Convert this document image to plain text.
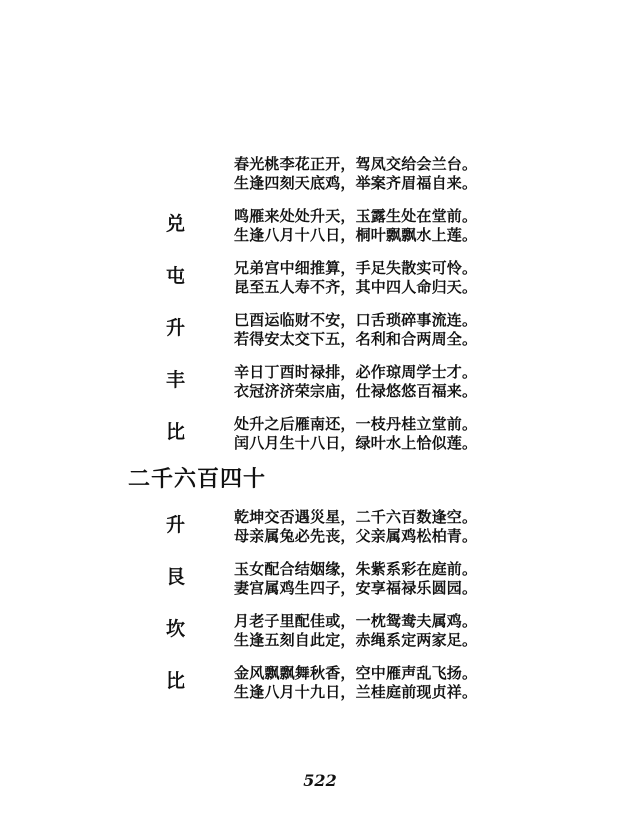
春光桃李花正开，驾凤交给会兰台。
生逢四刻天底鸡，举案齐眉福自来。
兑	鸣雁来处处升天，玉露生处在堂前。
生逢八月十八日，桐叶飘飘水上莲。
屯	兄弟宫中细推算，手足失散实可怜。
昆至五人寿不齐，其中四人命归天。
升	巳酉运临财不安，口舌琐碎事流连。
若得安太交下五，名利和合两周全。
丰	辛日丁酉时禄排，必作琼周学士才。
衣冠济济荣宗庙，仕禄悠悠百福来。
比	处升之后雁南还，一枝丹桂立堂前。
闰八月生十八日，绿叶水上恰似莲。
二千六百四十
升	乾坤交否遇災星，二千六百数逢空。
母亲属兔必先丧，父亲属鸡松柏青。
艮	玉女配合结姻缘，朱紫系彩在庭前。
妻宫属鸡生四子，安享福禄乐圆园。
坎	月老子里配佳或，一枕鸳鸯夫属鸡。
生逢五刻自此定，赤绳系定两家足。
比	金风飘飘舞秋香，空中雁声乱飞扬。
生逢八月十九日，兰桂庭前现贞祥。
522
